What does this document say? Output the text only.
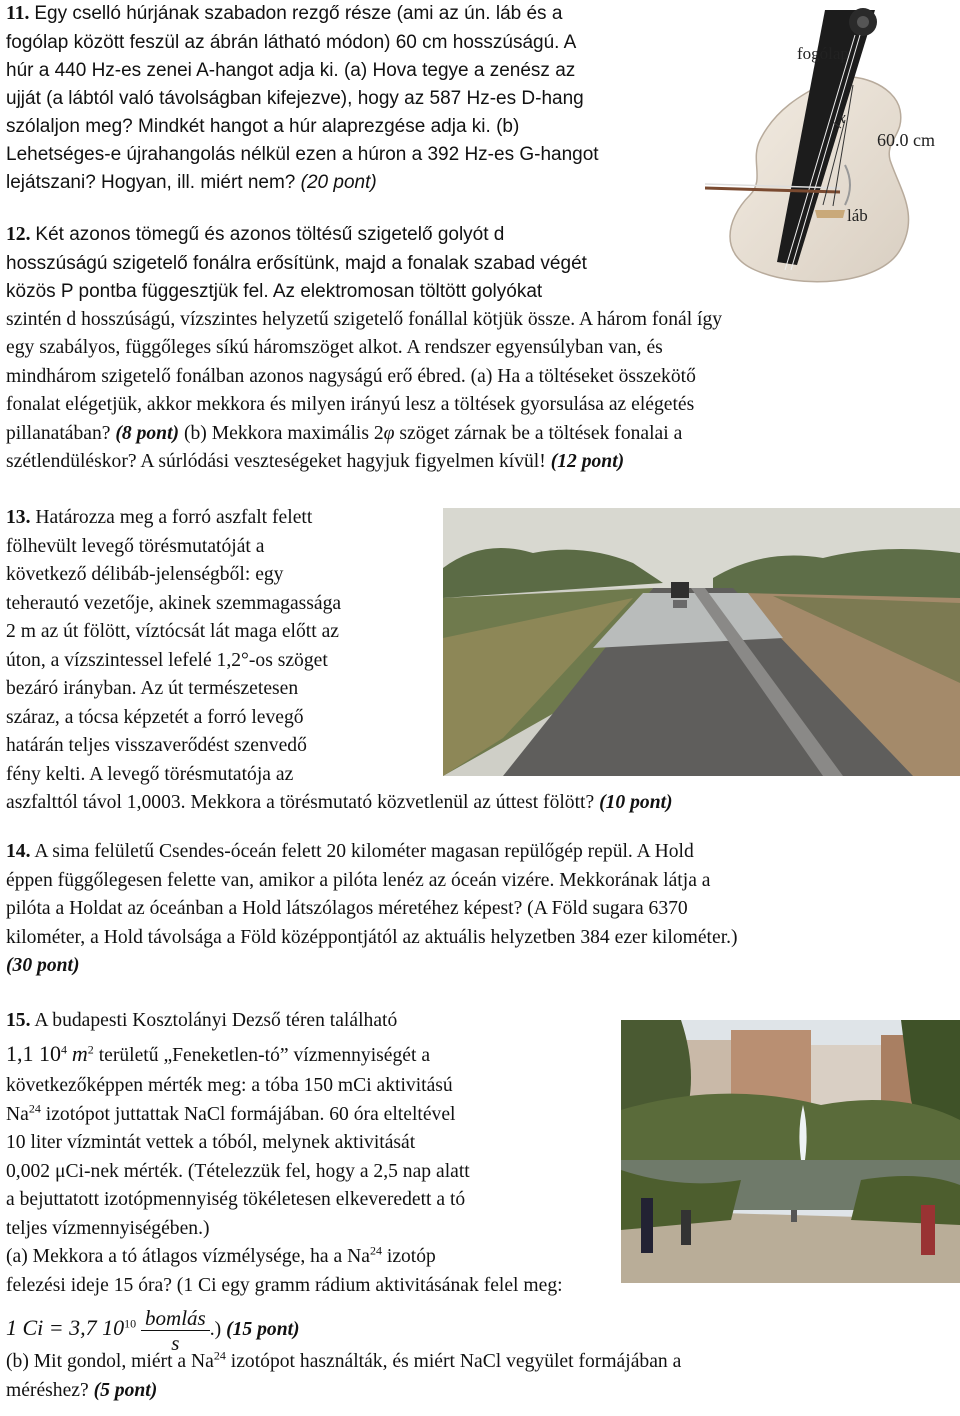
11. Egy cselló húrjának szabadon rezgő része (ami az ún. láb és a
fogólap között feszül az ábrán látható módon) 60 cm hosszúságú. A
húr a 440 Hz-es zenei A-hangot adja ki. (a) Hova tegye a zenész az
ujját (a lábtól való távolságban kifejezve), hogy az 587 Hz-es D-hang
szólaljon meg? Mindkét hangot a húr alaprezgése adja ki. (b)
Lehetséges-e újrahangolás nélkül ezen a húron a 392 Hz-es G-hangot
lejátszani? Hogyan, ill. miért nem? (20 pont)
fogólap
x
60.0 cm
láb
12. Két azonos tömegű és azonos töltésű szigetelő golyót d
hosszúságú szigetelő fonálra erősítünk, majd a fonalak szabad végét
közös P pontba függesztjük fel. Az elektromosan töltött golyókat
szintén d hosszúságú, vízszintes helyzetű szigetelő fonállal kötjük össze. A három fonál így
egy szabályos, függőleges síkú háromszöget alkot. A rendszer egyensúlyban van, és
mindhárom szigetelő fonálban azonos nagyságú erő ébred. (a) Ha a töltéseket összekötő
fonalat elégetjük, akkor mekkora és milyen irányú lesz a töltések gyorsulása az elégetés
pillanatában? (8 pont) (b) Mekkora maximális 2φ szöget zárnak be a töltések fonalai a
szétlendüléskor? A súrlódási veszteségeket hagyjuk figyelmen kívül! (12 pont)
13. Határozza meg a forró aszfalt felett
fölhevült levegő törésmutatóját a
következő délibáb-jelenségből: egy
teherautó vezetője, akinek szemmagassága
2 m az út fölött, víztócsát lát maga előtt az
úton, a vízszintessel lefelé 1,2°-os szöget
bezáró irányban. Az út természetesen
száraz, a tócsa képzetét a forró levegő
határán teljes visszaverődést szenvedő
fény kelti. A levegő törésmutatója az
aszfalttól távol 1,0003. Mekkora a törésmutató közvetlenül az úttest fölött? (10 pont)
14. A sima felületű Csendes-óceán felett 20 kilométer magasan repülőgép repül. A Hold
éppen függőlegesen felette van, amikor a pilóta lenéz az óceán vizére. Mekkorának látja a
pilóta a Holdat az óceánban a Hold látszólagos méretéhez képest? (A Föld sugara 6370
kilométer, a Hold távolsága a Föld középpontjától az aktuális helyzetben 384 ezer kilométer.)
(30 pont)
15. A budapesti Kosztolányi Dezső téren található
1,1 $10^4$ $m^2$ területű „Feneketlen-tó” vízmennyiségét a
következőképpen mérték meg: a tóba 150 mCi aktivitású
Na$^{24}$ izotópot juttattak NaCl formájában. 60 óra elteltével
10 liter vízmintát vettek a tóból, melynek aktivitását
0,002 μCi-nek mérték. (Tételezzük fel, hogy a 2,5 nap alatt
a bejuttatott izotópmennyiség tökéletesen elkeveredett a tó
teljes vízmennyiségében.)
(a) Mekkora a tó átlagos vízmélysége, ha a Na$^{24}$ izotóp
felezési ideje 15 óra? (1 Ci egy gramm rádium aktivitásának felel meg:
1 Ci = 3,7 $10^{10} \frac{\text{bomlás}}{s}$ .) (15 pont)
(b) Mit gondol, miért a Na$^{24}$ izotópot használták, és miért NaCl vegyület formájában a
méréshez? (5 pont)
